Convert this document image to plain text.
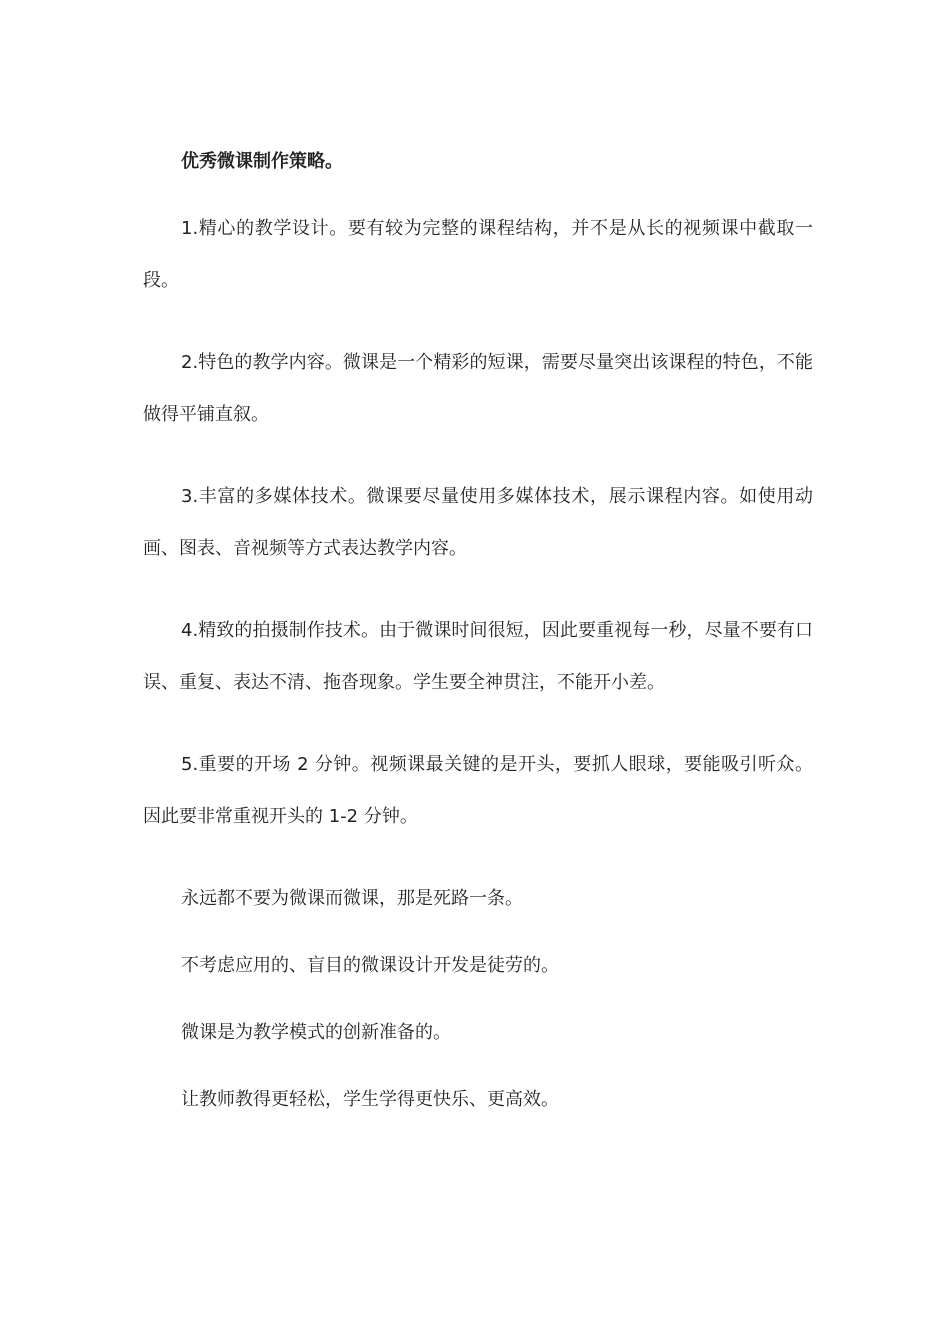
优秀微课制作策略。

1.精心的教学设计。要有较为完整的课程结构，并不是从长的视频课中截取一段。

2.特色的教学内容。微课是一个精彩的短课，需要尽量突出该课程的特色，不能做得平铺直叙。

3.丰富的多媒体技术。微课要尽量使用多媒体技术，展示课程内容。如使用动画、图表、音视频等方式表达教学内容。

4.精致的拍摄制作技术。由于微课时间很短，因此要重视每一秒，尽量不要有口误、重复、表达不清、拖沓现象。学生要全神贯注，不能开小差。

5.重要的开场 2 分钟。视频课最关键的是开头，要抓人眼球，要能吸引听众。因此要非常重视开头的 1-2 分钟。

永远都不要为微课而微课，那是死路一条。

不考虑应用的、盲目的微课设计开发是徒劳的。

微课是为教学模式的创新准备的。

让教师教得更轻松，学生学得更快乐、更高效。
